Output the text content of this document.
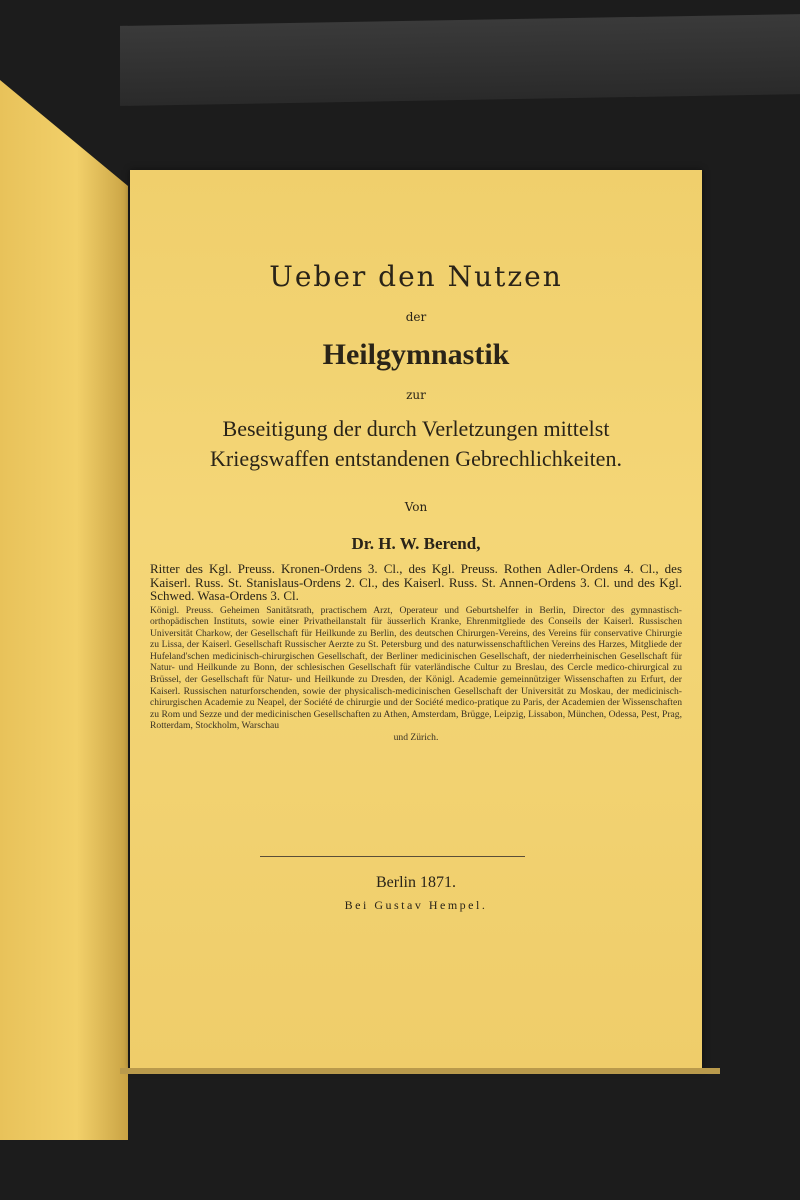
Ueber den Nutzen
der
Heilgymnastik
zur
Beseitigung der durch Verletzungen mittelst
Kriegswaffen entstandenen Gebrechlichkeiten.
Von
Dr. H. W. Berend,

Ritter des Kgl. Preuss. Kronen-Ordens 3. Cl., des Kgl. Preuss. Rothen Adler-Ordens 4. Cl., des Kaiserl. Russ. St. Stanislaus-Ordens 2. Cl., des Kaiserl. Russ. St. Annen-Ordens 3. Cl. und des Kgl. Schwed. Wasa-Ordens 3. Cl.

Königl. Preuss. Geheimen Sanitätsrath, practischem Arzt, Operateur und Geburtshelfer in Berlin, Director des gymnastisch-orthopädischen Instituts, sowie einer Privatheilanstalt für äusserlich Kranke, Ehrenmitgliede des Conseils der Kaiserl. Russischen Universität Charkow, der Gesellschaft für Heilkunde zu Berlin, des deutschen Chirurgen-Vereins, des Vereins für conservative Chirurgie zu Lissa, der Kaiserl. Gesellschaft Russischer Aerzte zu St. Petersburg und des naturwissenschaftlichen Vereins des Harzes, Mitgliede der Hufeland'schen medicinisch-chirurgischen Gesellschaft, der Berliner medicinischen Gesellschaft, der niederrheinischen Gesellschaft für Natur- und Heilkunde zu Bonn, der schlesischen Gesellschaft für vaterländische Cultur zu Breslau, des Cercle medico-chirurgical zu Brüssel, der Gesellschaft für Natur- und Heilkunde zu Dresden, der Königl. Academie gemeinnütziger Wissenschaften zu Erfurt, der Kaiserl. Russischen naturforschenden, sowie der physicalisch-medicinischen Gesellschaft der Universität zu Moskau, der medicinisch-chirurgischen Academie zu Neapel, der Société de chirurgie und der Société medico-pratique zu Paris, der Academien der Wissenschaften zu Rom und Sezze und der medicinischen Gesellschaften zu Athen, Amsterdam, Brügge, Leipzig, Lissabon, München, Odessa, Pest, Prag, Rotterdam, Stockholm, Warschau

und Zürich.

Berlin 1871.
Bei Gustav Hempel.
